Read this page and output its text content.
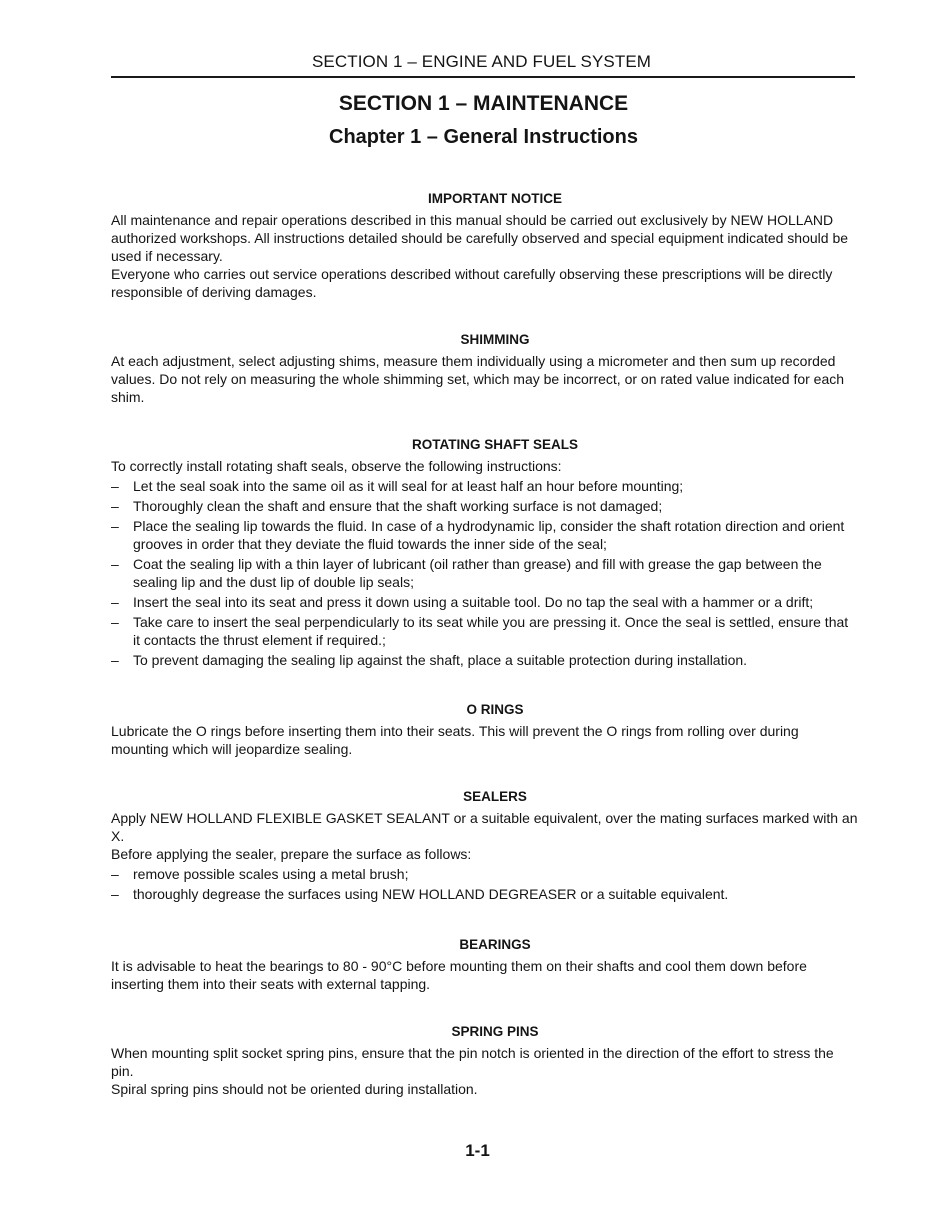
SECTION 1 – ENGINE AND FUEL SYSTEM
SECTION 1 – MAINTENANCE
Chapter 1 – General Instructions
IMPORTANT NOTICE

All maintenance and repair operations described in this manual should be carried out exclusively by NEW HOLLAND authorized workshops. All instructions detailed should be carefully observed and special equipment indicated should be used if necessary.

Everyone who carries out service operations described without carefully observing these prescriptions will be directly responsible of deriving damages.

SHIMMING

At each adjustment, select adjusting shims, measure them individually using a micrometer and then sum up recorded values. Do not rely on measuring the whole shimming set, which may be incorrect, or on rated value indicated for each shim.

ROTATING SHAFT SEALS

To correctly install rotating shaft seals, observe the following instructions:

– Let the seal soak into the same oil as it will seal for at least half an hour before mounting;
– Thoroughly clean the shaft and ensure that the shaft working surface is not damaged;
– Place the sealing lip towards the fluid. In case of a hydrodynamic lip, consider the shaft rotation direction and orient grooves in order that they deviate the fluid towards the inner side of the seal;
– Coat the sealing lip with a thin layer of lubricant (oil rather than grease) and fill with grease the gap between the sealing lip and the dust lip of double lip seals;
– Insert the seal into its seat and press it down using a suitable tool. Do no tap the seal with a hammer or a drift;
– Take care to insert the seal perpendicularly to its seat while you are pressing it. Once the seal is settled, ensure that it contacts the thrust element if required.;
– To prevent damaging the sealing lip against the shaft, place a suitable protection during installation.
O RINGS

Lubricate the O rings before inserting them into their seats. This will prevent the O rings from rolling over during mounting which will jeopardize sealing.

SEALERS

Apply NEW HOLLAND FLEXIBLE GASKET SEALANT or a suitable equivalent, over the mating surfaces marked with an X.

Before applying the sealer, prepare the surface as follows:

– remove possible scales using a metal brush;
– thoroughly degrease the surfaces using NEW HOLLAND DEGREASER or a suitable equivalent.
BEARINGS

It is advisable to heat the bearings to 80 - 90°C before mounting them on their shafts and cool them down before inserting them into their seats with external tapping.

SPRING PINS

When mounting split socket spring pins, ensure that the pin notch is oriented in the direction of the effort to stress the pin.

Spiral spring pins should not be oriented during installation.

1-1
